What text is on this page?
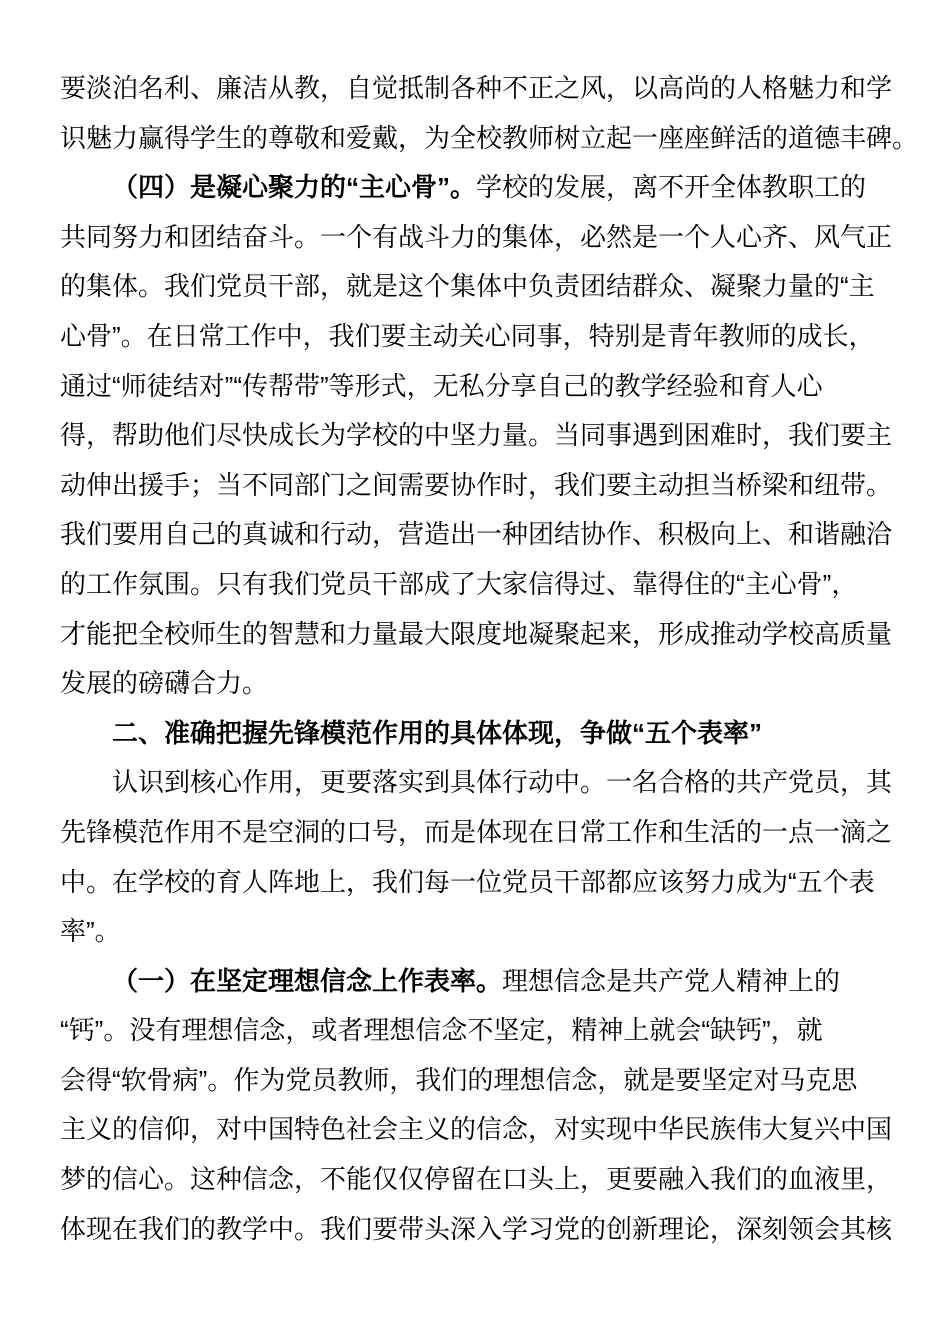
要淡泊名利、廉洁从教，自觉抵制各种不正之风，以高尚的人格魅力和学
识魅力赢得学生的尊敬和爱戴，为全校教师树立起一座座鲜活的道德丰碑。
（四）是凝心聚力的“主心骨”。学校的发展，离不开全体教职工的
共同努力和团结奋斗。一个有战斗力的集体，必然是一个人心齐、风气正
的集体。我们党员干部，就是这个集体中负责团结群众、凝聚力量的“主
心骨”。在日常工作中，我们要主动关心同事，特别是青年教师的成长，
通过“师徒结对”“传帮带”等形式，无私分享自己的教学经验和育人心
得，帮助他们尽快成长为学校的中坚力量。当同事遇到困难时，我们要主
动伸出援手；当不同部门之间需要协作时，我们要主动担当桥梁和纽带。
我们要用自己的真诚和行动，营造出一种团结协作、积极向上、和谐融洽
的工作氛围。只有我们党员干部成了大家信得过、靠得住的“主心骨”，
才能把全校师生的智慧和力量最大限度地凝聚起来，形成推动学校高质量
发展的磅礴合力。
二、准确把握先锋模范作用的具体体现，争做“五个表率”
认识到核心作用，更要落实到具体行动中。一名合格的共产党员，其
先锋模范作用不是空洞的口号，而是体现在日常工作和生活的一点一滴之
中。在学校的育人阵地上，我们每一位党员干部都应该努力成为“五个表
率”。
（一）在坚定理想信念上作表率。理想信念是共产党人精神上的
“钙”。没有理想信念，或者理想信念不坚定，精神上就会“缺钙”，就
会得“软骨病”。作为党员教师，我们的理想信念，就是要坚定对马克思
主义的信仰，对中国特色社会主义的信念，对实现中华民族伟大复兴中国
梦的信心。这种信念，不能仅仅停留在口头上，更要融入我们的血液里，
体现在我们的教学中。我们要带头深入学习党的创新理论，深刻领会其核
